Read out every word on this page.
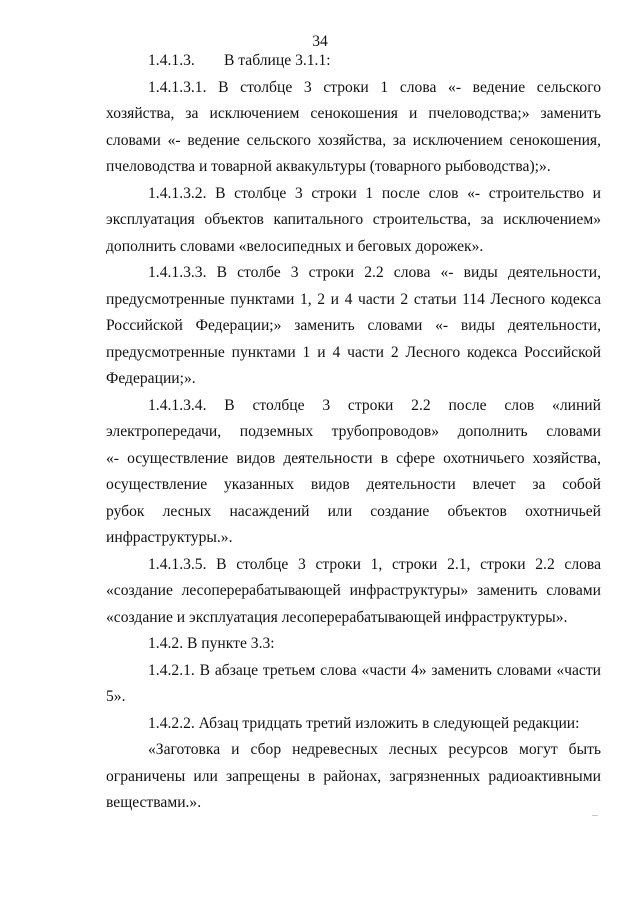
34
1.4.1.3. В таблице 3.1.1:
1.4.1.3.1. В столбце 3 строки 1 слова «- ведение сельского
хозяйства, за исключением сенокошения и пчеловодства;» заменить
словами «- ведение сельского хозяйства, за исключением сенокошения,
пчеловодства и товарной аквакультуры (товарного рыбоводства);».
1.4.1.3.2. В столбце 3 строки 1 после слов «- строительство и
эксплуатация объектов капитального строительства, за исключением»
дополнить словами «велосипедных и беговых дорожек».
1.4.1.3.3. В столбе 3 строки 2.2 слова «- виды деятельности,
предусмотренные пунктами 1, 2 и 4 части 2 статьи 114 Лесного кодекса
Российской Федерации;» заменить словами «- виды деятельности,
предусмотренные пунктами 1 и 4 части 2 Лесного кодекса Российской
Федерации;».
1.4.1.3.4. В столбце 3 строки 2.2 после слов «линий
электропередачи, подземных трубопроводов» дополнить словами
«- осуществление видов деятельности в сфере охотничьего хозяйства,
осуществление указанных видов деятельности влечет за собой
рубок лесных насаждений или создание объектов охотничьей
инфраструктуры.».
1.4.1.3.5. В столбце 3 строки 1, строки 2.1, строки 2.2 слова
«создание лесоперерабатывающей инфраструктуры» заменить словами
«создание и эксплуатация лесоперерабатывающей инфраструктуры».
1.4.2. В пункте 3.3:
1.4.2.1. В абзаце третьем слова «части 4» заменить словами «части
5».
1.4.2.2. Абзац тридцать третий изложить в следующей редакции:
«Заготовка и сбор недревесных лесных ресурсов могут быть
ограничены или запрещены в районах, загрязненных радиоактивными
веществами.».
